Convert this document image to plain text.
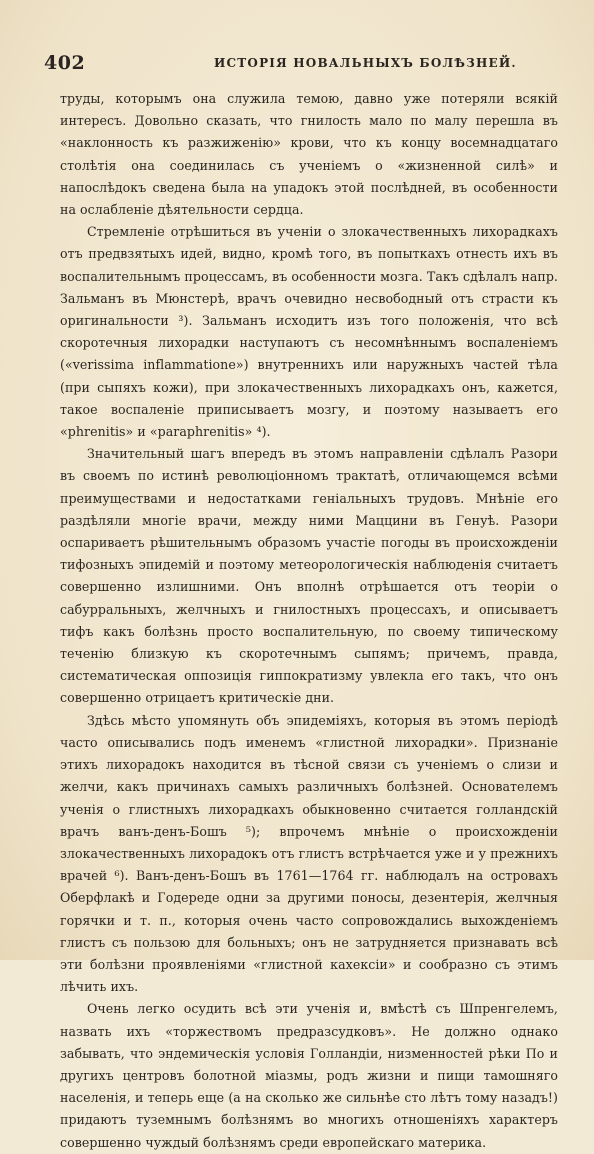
402	ИСТОРІЯ НОВАЛЬНЫХЪ БОЛѢЗНЕЙ.

труды, которымъ она служила темою, давно уже потеряли всякій интересъ. Довольно сказать, что гнилость мало по малу перешла въ «наклонность къ разжиженію» крови, что къ концу восемнадцатаго столѣтія она соединилась съ ученіемъ о «жизненной силѣ» и напослѣдокъ сведена была на упадокъ этой послѣдней, въ особенности на ослабленіе дѣятельности сердца.

Стремленіе отрѣшиться въ ученіи о злокачественныхъ лихорадкахъ отъ предвзятыхъ идей, видно, кромѣ того, въ попыткахъ отнесть ихъ въ воспалительнымъ процессамъ, въ особенности мозга. Такъ сдѣлалъ напр. Зальманъ въ Мюнстерѣ, врачъ очевидно несвободный отъ страсти къ оригинальности ³). Зальманъ исходитъ изъ того положенія, что всѣ скоротечныя лихорадки наступаютъ съ несомнѣннымъ воспаленіемъ («verissima inflammatione») внутреннихъ или наружныхъ частей тѣла (при сыпяхъ кожи), при злокачественныхъ лихорадкахъ онъ, кажется, такое воспаленіе приписываетъ мозгу, и поэтому называетъ его «phrenitis» и «paraphrenitis» ⁴).

Значительный шагъ впередъ въ этомъ направленіи сдѣлалъ Разори въ своемъ по истинѣ революціонномъ трактатѣ, отличающемся всѣми преимуществами и недостатками геніальныхъ трудовъ. Мнѣніе его раздѣляли многіе врачи, между ними Маццини въ Генуѣ. Разори оспариваетъ рѣшительнымъ образомъ участіе погоды въ происхожденіи тифозныхъ эпидемій и поэтому метеорологическія наблюденія считаетъ совершенно излишними. Онъ вполнѣ отрѣшается отъ теоріи о сабурральныхъ, желчныхъ и гнилостныхъ процессахъ, и описываетъ тифъ какъ болѣзнь просто воспалительную, по своему типическому теченію близкую къ скоротечнымъ сыпямъ; причемъ, правда, систематическая оппозиція гиппократизму увлекла его такъ, что онъ совершенно отрицаетъ критическіе дни.

Здѣсь мѣсто упомянуть объ эпидеміяхъ, которыя въ этомъ періодѣ часто описывались подъ именемъ «глистной лихорадки». Признаніе этихъ лихорадокъ находится въ тѣсной связи съ ученіемъ о слизи и желчи, какъ причинахъ самыхъ различныхъ болѣзней. Основателемъ ученія о глистныхъ лихорадкахъ обыкновенно считается голландскій врачъ ванъ-денъ-Бошъ ⁵); впрочемъ мнѣніе о происхожденіи злокачественныхъ лихорадокъ отъ глистъ встрѣчается уже и у прежнихъ врачей ⁶). Ванъ-денъ-Бошъ въ 1761—1764 гг. наблюдалъ на островахъ Оберфлакѣ и Годереде одни за другими поносы, дезентерія, желчныя горячки и т. п., которыя очень часто сопровождались выхожденіемъ глистъ съ пользою для больныхъ; онъ не затрудняется признавать всѣ эти болѣзни проявленіями «глистной кахексіи» и сообразно съ этимъ лѣчить ихъ.

Очень легко осудить всѣ эти ученія и, вмѣстѣ съ Шпренгелемъ, назвать ихъ «торжествомъ предразсудковъ». Не должно однако забывать, что эндемическія условія Голландіи, низменностей рѣки По и другихъ центровъ болотной міазмы, родъ жизни и пищи тамошняго населенія, и теперь еще (а на сколько же сильнѣе сто лѣтъ тому назадъ!) придаютъ туземнымъ болѣзнямъ во многихъ отношеніяхъ характеръ совершенно чуждый болѣзнямъ среди европейскаго материка.
